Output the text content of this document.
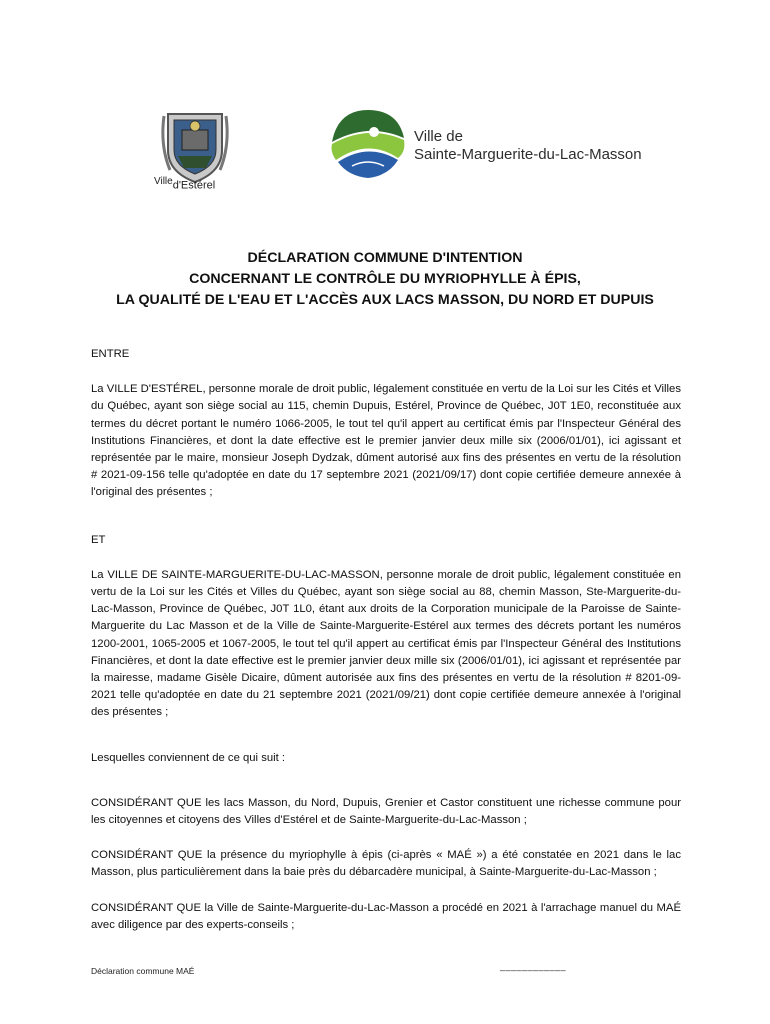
Villed'Estérel
Ville de
Sainte-Marguerite-du-Lac-Masson
DÉCLARATION COMMUNE D'INTENTION
CONCERNANT LE CONTRÔLE DU MYRIOPHYLLE À ÉPIS,
LA QUALITÉ DE L'EAU ET L'ACCÈS AUX LACS MASSON, DU NORD ET DUPUIS

ENTRE

La VILLE D'ESTÉREL, personne morale de droit public, légalement constituée en vertu de la Loi sur les Cités et Villes du Québec, ayant son siège social au 115, chemin Dupuis, Estérel, Province de Québec, J0T 1E0, reconstituée aux termes du décret portant le numéro 1066-2005, le tout tel qu'il appert au certificat émis par l'Inspecteur Général des Institutions Financières, et dont la date effective est le premier janvier deux mille six (2006/01/01), ici agissant et représentée par le maire, monsieur Joseph Dydzak, dûment autorisé aux fins des présentes en vertu de la résolution # 2021-09-156 telle qu'adoptée en date du 17 septembre 2021 (2021/09/17) dont copie certifiée demeure annexée à l'original des présentes ;

ET

La VILLE DE SAINTE-MARGUERITE-DU-LAC-MASSON, personne morale de droit public, légalement constituée en vertu de la Loi sur les Cités et Villes du Québec, ayant son siège social au 88, chemin Masson, Ste-Marguerite-du-Lac-Masson, Province de Québec, J0T 1L0, étant aux droits de la Corporation municipale de la Paroisse de Sainte-Marguerite du Lac Masson et de la Ville de Sainte-Marguerite-Estérel aux termes des décrets portant les numéros 1200-2001, 1065-2005 et 1067-2005, le tout tel qu'il appert au certificat émis par l'Inspecteur Général des Institutions Financières, et dont la date effective est le premier janvier deux mille six (2006/01/01), ici agissant et représentée par la mairesse, madame Gisèle Dicaire, dûment autorisée aux fins des présentes en vertu de la résolution # 8201-09-2021 telle qu'adoptée en date du 21 septembre 2021 (2021/09/21) dont copie certifiée demeure annexée à l'original des présentes ;

Lesquelles conviennent de ce qui suit :

CONSIDÉRANT QUE les lacs Masson, du Nord, Dupuis, Grenier et Castor constituent une richesse commune pour les citoyennes et citoyens des Villes d'Estérel et de Sainte-Marguerite-du-Lac-Masson ;

CONSIDÉRANT QUE la présence du myriophylle à épis (ci-après « MAÉ ») a été constatée en 2021 dans le lac Masson, plus particulièrement dans la baie près du débarcadère municipal, à Sainte-Marguerite-du-Lac-Masson ;

CONSIDÉRANT QUE la Ville de Sainte-Marguerite-du-Lac-Masson a procédé en 2021 à l'arrachage manuel du MAÉ avec diligence par des experts-conseils ;

Déclaration commune MAÉ	____________
